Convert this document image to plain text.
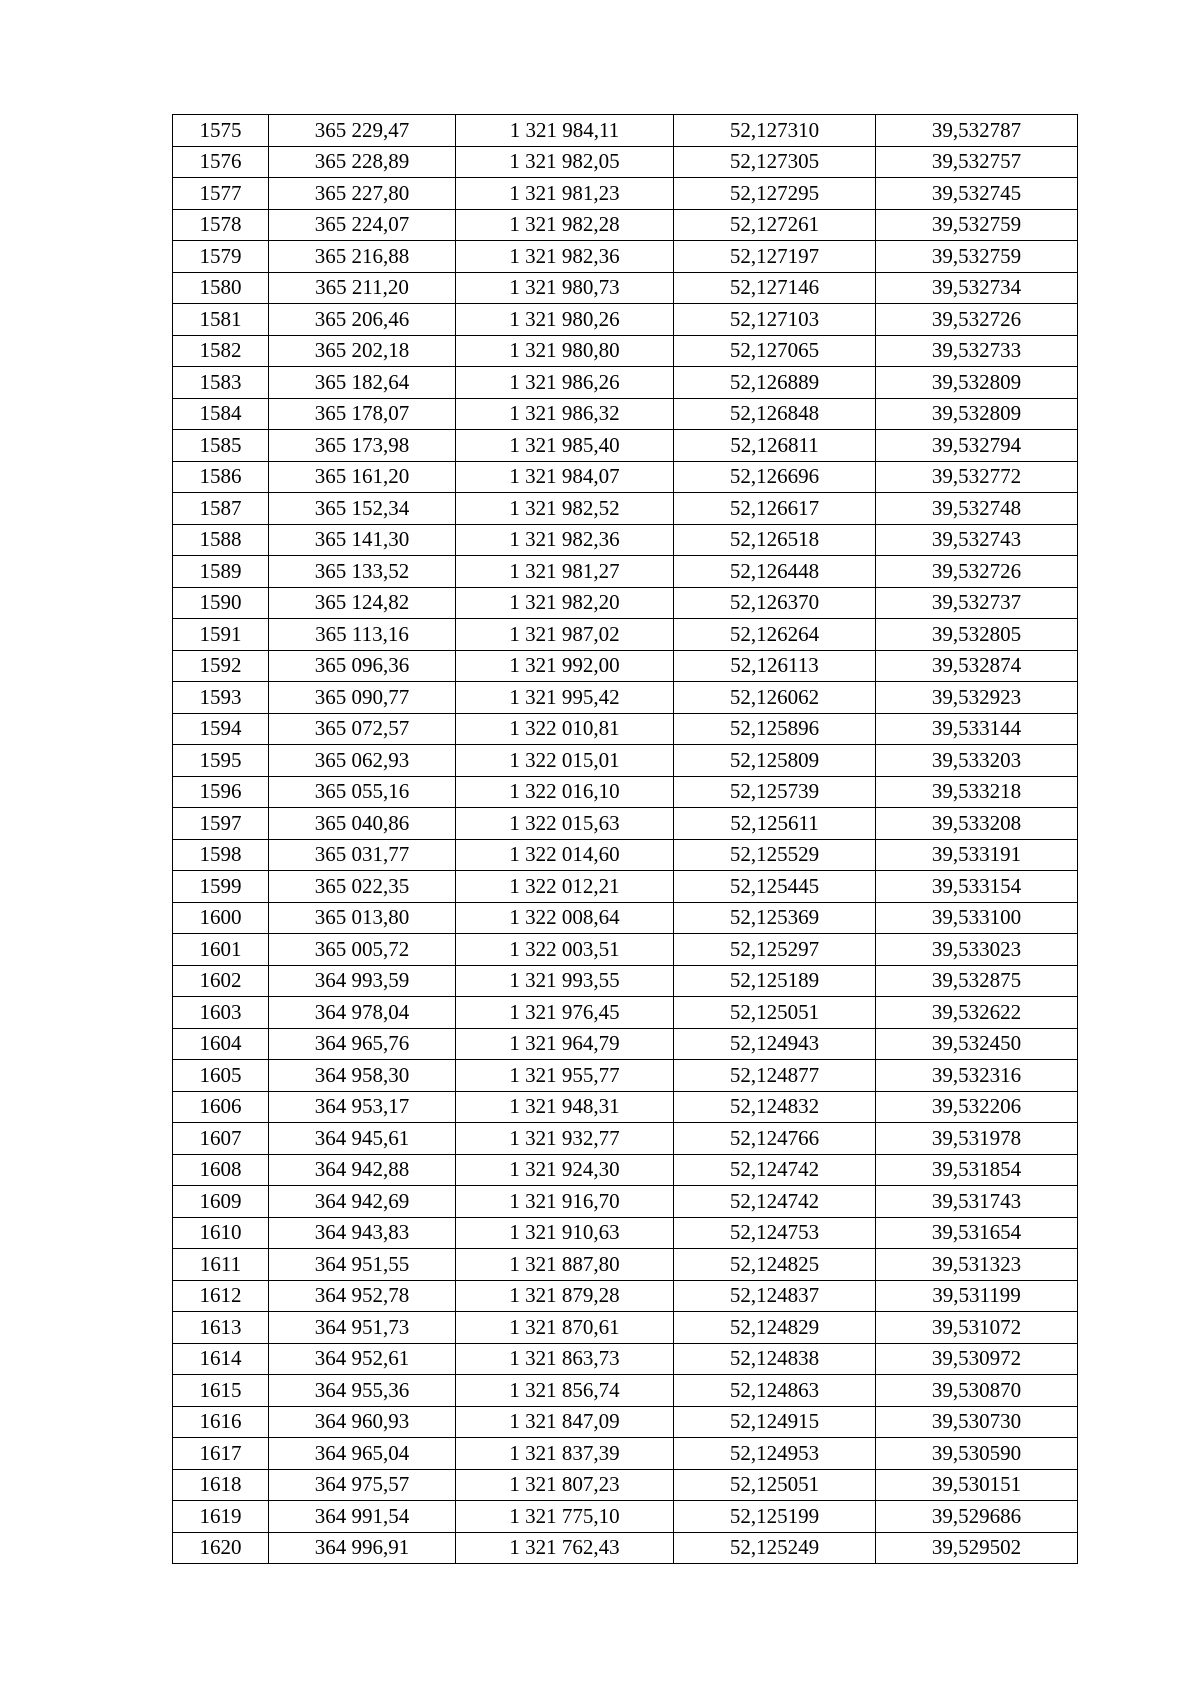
1575	365 229,47	1 321 984,11	52,127310	39,532787
1576	365 228,89	1 321 982,05	52,127305	39,532757
1577	365 227,80	1 321 981,23	52,127295	39,532745
1578	365 224,07	1 321 982,28	52,127261	39,532759
1579	365 216,88	1 321 982,36	52,127197	39,532759
1580	365 211,20	1 321 980,73	52,127146	39,532734
1581	365 206,46	1 321 980,26	52,127103	39,532726
1582	365 202,18	1 321 980,80	52,127065	39,532733
1583	365 182,64	1 321 986,26	52,126889	39,532809
1584	365 178,07	1 321 986,32	52,126848	39,532809
1585	365 173,98	1 321 985,40	52,126811	39,532794
1586	365 161,20	1 321 984,07	52,126696	39,532772
1587	365 152,34	1 321 982,52	52,126617	39,532748
1588	365 141,30	1 321 982,36	52,126518	39,532743
1589	365 133,52	1 321 981,27	52,126448	39,532726
1590	365 124,82	1 321 982,20	52,126370	39,532737
1591	365 113,16	1 321 987,02	52,126264	39,532805
1592	365 096,36	1 321 992,00	52,126113	39,532874
1593	365 090,77	1 321 995,42	52,126062	39,532923
1594	365 072,57	1 322 010,81	52,125896	39,533144
1595	365 062,93	1 322 015,01	52,125809	39,533203
1596	365 055,16	1 322 016,10	52,125739	39,533218
1597	365 040,86	1 322 015,63	52,125611	39,533208
1598	365 031,77	1 322 014,60	52,125529	39,533191
1599	365 022,35	1 322 012,21	52,125445	39,533154
1600	365 013,80	1 322 008,64	52,125369	39,533100
1601	365 005,72	1 322 003,51	52,125297	39,533023
1602	364 993,59	1 321 993,55	52,125189	39,532875
1603	364 978,04	1 321 976,45	52,125051	39,532622
1604	364 965,76	1 321 964,79	52,124943	39,532450
1605	364 958,30	1 321 955,77	52,124877	39,532316
1606	364 953,17	1 321 948,31	52,124832	39,532206
1607	364 945,61	1 321 932,77	52,124766	39,531978
1608	364 942,88	1 321 924,30	52,124742	39,531854
1609	364 942,69	1 321 916,70	52,124742	39,531743
1610	364 943,83	1 321 910,63	52,124753	39,531654
1611	364 951,55	1 321 887,80	52,124825	39,531323
1612	364 952,78	1 321 879,28	52,124837	39,531199
1613	364 951,73	1 321 870,61	52,124829	39,531072
1614	364 952,61	1 321 863,73	52,124838	39,530972
1615	364 955,36	1 321 856,74	52,124863	39,530870
1616	364 960,93	1 321 847,09	52,124915	39,530730
1617	364 965,04	1 321 837,39	52,124953	39,530590
1618	364 975,57	1 321 807,23	52,125051	39,530151
1619	364 991,54	1 321 775,10	52,125199	39,529686
1620	364 996,91	1 321 762,43	52,125249	39,529502
